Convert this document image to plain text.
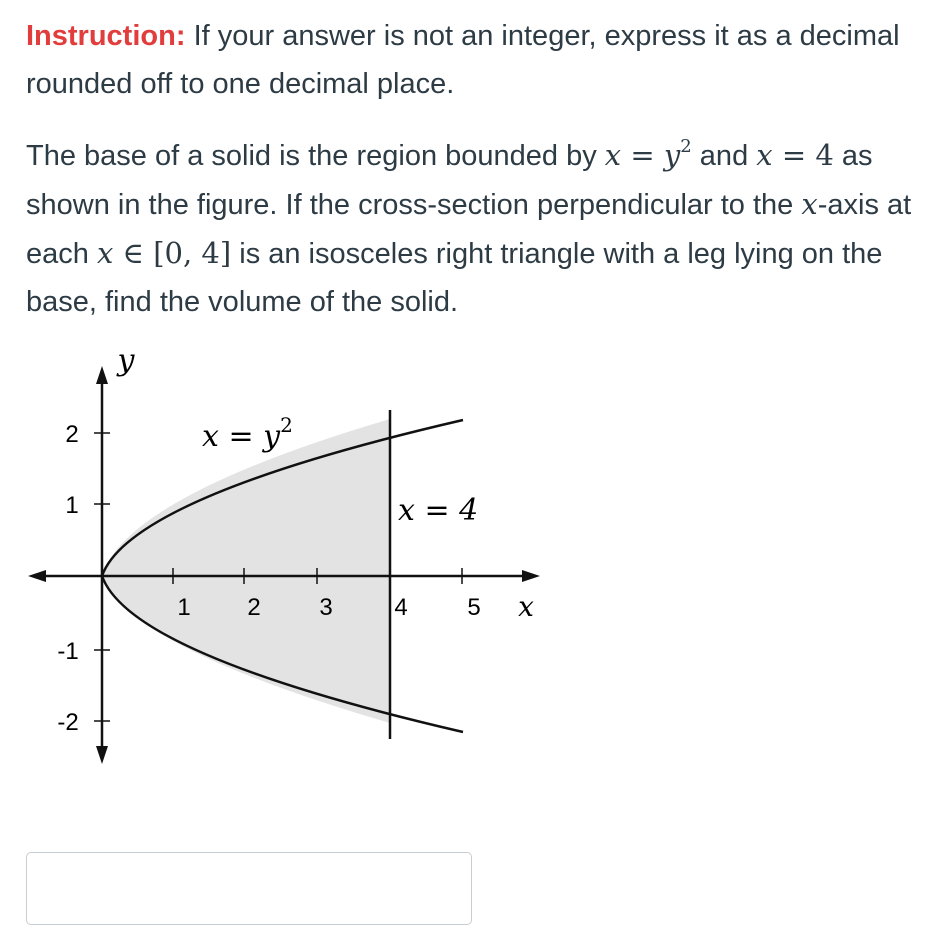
Instruction: If your answer is not an integer, express it as a decimal rounded off to one decimal place.

The base of a solid is the region bounded by $x = y^2$ and x = 4 as shown in the figure. If the cross-section perpendicular to the x-axis at each x ∈ [0, 4] is an isosceles right triangle with a leg lying on the base, find the volume of the solid.

2
1
-1
-2
1 2 3	4 5
y
x
$x = y^2$
x = 4
